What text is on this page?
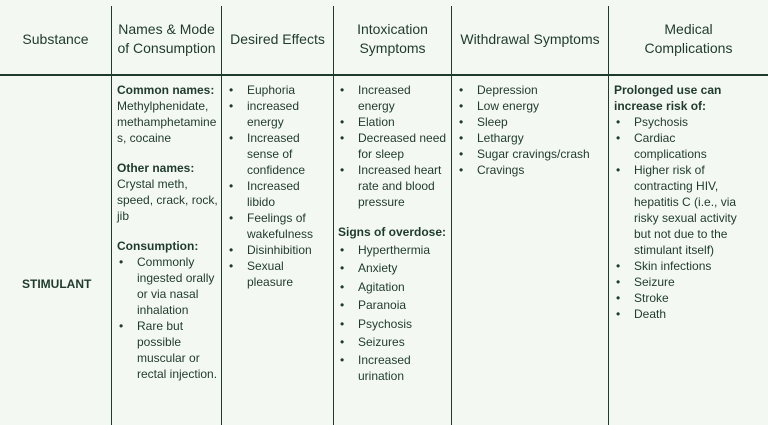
Substance
Names & Mode of Consumption
Desired Effects
Intoxication Symptoms
Withdrawal Symptoms
Medical Complications
STIMULANT
Common names:
Methylphenidate, methamphetamines, cocaine
Other names:
Crystal meth, speed, crack, rock, jib
Consumption:
• Commonly ingested orally or via nasal inhalation
• Rare but possible muscular or rectal injection.
• Euphoria
• increased energy
• Increased sense of confidence
• Increased libido
• Feelings of wakefulness
• Disinhibition
• Sexual pleasure
• Increased energy
• Elation
• Decreased need for sleep
• Increased heart rate and blood pressure
Signs of overdose:
• Hyperthermia
• Anxiety
• Agitation
• Paranoia
• Psychosis
• Seizures
• Increased urination
• Depression
• Low energy
• Sleep
• Lethargy
• Sugar cravings/crash
• Cravings
Prolonged use can increase risk of:
• Psychosis
• Cardiac complications
• Higher risk of contracting HIV, hepatitis C (i.e., via risky sexual activity but not due to the stimulant itself)
• Skin infections
• Seizure
• Stroke
• Death
